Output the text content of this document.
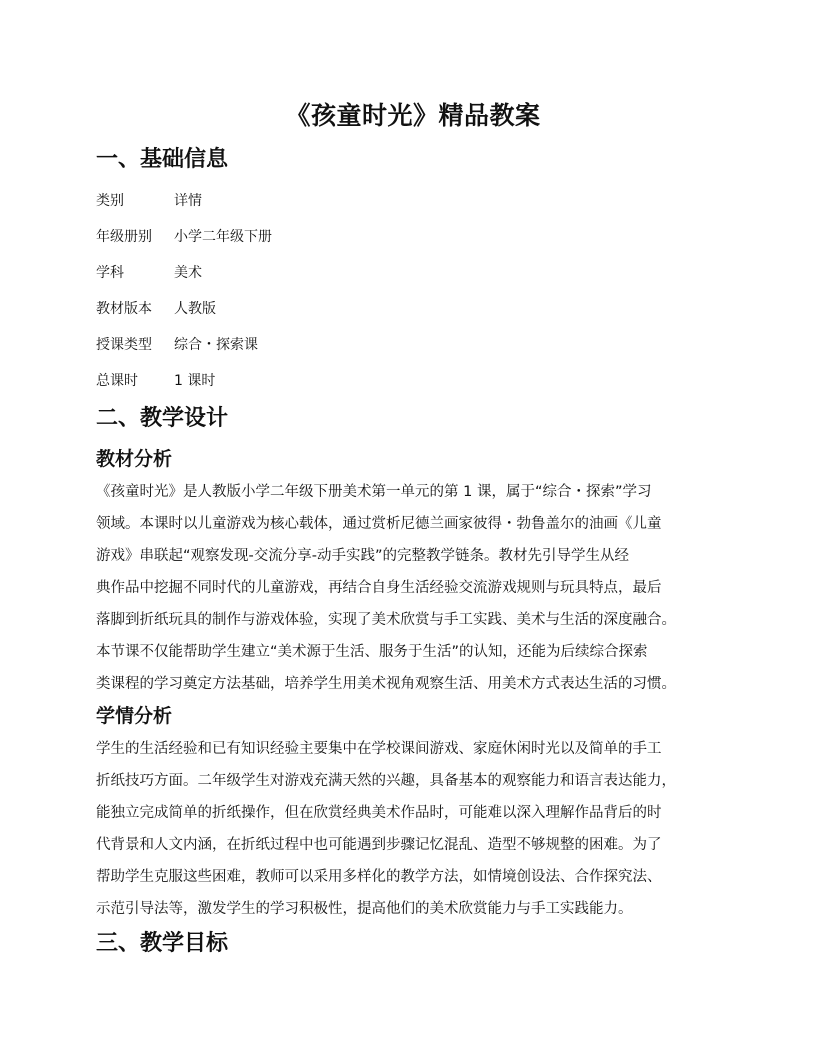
《孩童时光》精品教案
一、基础信息
类别	详情
年级册别	小学二年级下册
学科	美术
教材版本	人教版
授课类型	综合・探索课
总课时	1 课时
二、教学设计
教材分析
《孩童时光》是人教版小学二年级下册美术第一单元的第 1 课，属于“综合・探索”学习
领域。本课时以儿童游戏为核心载体，通过赏析尼德兰画家彼得・勃鲁盖尔的油画《儿童
游戏》串联起“观察发现-交流分享-动手实践”的完整教学链条。教材先引导学生从经
典作品中挖掘不同时代的儿童游戏，再结合自身生活经验交流游戏规则与玩具特点，最后
落脚到折纸玩具的制作与游戏体验，实现了美术欣赏与手工实践、美术与生活的深度融合。
本节课不仅能帮助学生建立“美术源于生活、服务于生活”的认知，还能为后续综合探索
类课程的学习奠定方法基础，培养学生用美术视角观察生活、用美术方式表达生活的习惯。
学情分析
学生的生活经验和已有知识经验主要集中在学校课间游戏、家庭休闲时光以及简单的手工
折纸技巧方面。二年级学生对游戏充满天然的兴趣，具备基本的观察能力和语言表达能力，
能独立完成简单的折纸操作，但在欣赏经典美术作品时，可能难以深入理解作品背后的时
代背景和人文内涵，在折纸过程中也可能遇到步骤记忆混乱、造型不够规整的困难。为了
帮助学生克服这些困难，教师可以采用多样化的教学方法，如情境创设法、合作探究法、
示范引导法等，激发学生的学习积极性，提高他们的美术欣赏能力与手工实践能力。
三、教学目标
